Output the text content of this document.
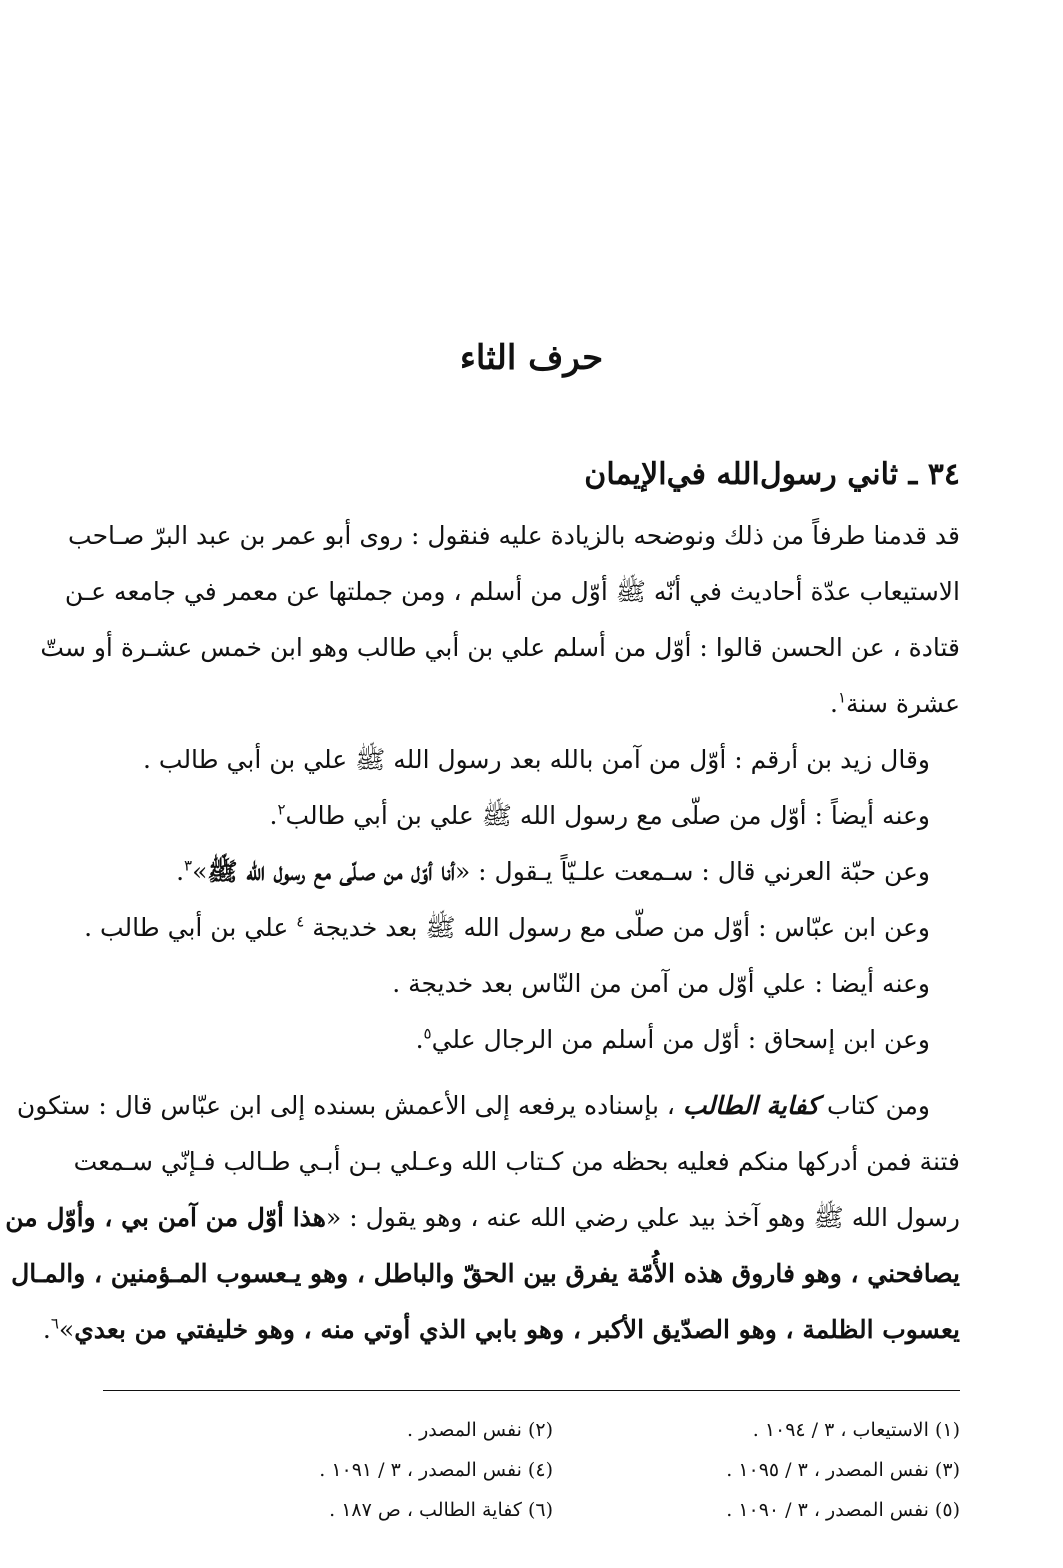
حرف الثاء
٣٤ ـ ثاني رسول‌الله في‌الإيمان
قد قدمنا طرفاً من ذلك ونوضحه بالزيادة عليه فنقول : روى أبو عمر بن عبد البرّ صـاحب
الاستيعاب عدّة أحاديث في أنّه ﷺ أوّل من أسلم ، ومن جملتها عن معمر في جامعه عـن
قتادة ، عن الحسن قالوا : أوّل من أسلم علي بن أبي طالب وهو ابن خمس عشـرة أو ستّ
عشرة سنة$^١$.
وقال زيد بن أرقم : أوّل من آمن بالله بعد رسول الله ﷺ علي بن أبي طالب .
وعنه أيضاً : أوّل من صلّى مع رسول الله ﷺ علي بن أبي طالب$^٢$.
وعن حبّة العرني قال : سـمعت علـيّاً يـقول : «أنا أوّل من صـلّى مع رسول الله ﷺ»$^٣$.
وعن ابن عبّاس : أوّل من صلّى مع رسول الله ﷺ بعد خديجة $^٤$ علي بن أبي طالب .
وعنه أيضا : علي أوّل من آمن من النّاس بعد خديجة .
وعن ابن إسحاق : أوّل من أسلم من الرجال علي$^٥$.
ومن كتاب كفاية الطالب ، بإسناده يرفعه إلى الأعمش بسنده إلى ابن عبّاس قال : ستكون
فتنة فمن أدركها منكم فعليه بحظه من كـتاب الله وعـلي بـن أبـي طـالب فـإنّي سـمعت
رسول الله ﷺ وهو آخذ بيد علي رضي الله عنه ، وهو يقول : «هذا أوّل من آمن بي ، وأوّل من
يصافحني ، وهو فاروق هذه الأُمّة يفرق بين الحقّ والباطل ، وهو يـعسوب المـؤمنين ، والمـال
يعسوب الظلمة ، وهو الصدّيق الأكبر ، وهو بابي الذي أوتي منه ، وهو خليفتي من بعدي»$^٦$.
(١) الاستيعاب ، ٣ / ١٠٩٤ .
(٢) نفس المصدر .
(٣) نفس المصدر ، ٣ / ١٠٩٥ .
(٤) نفس المصدر ، ٣ / ١٠٩١ .
(٥) نفس المصدر ، ٣ / ١٠٩٠ .
(٦) كفاية الطالب ، ص ١٨٧ .
